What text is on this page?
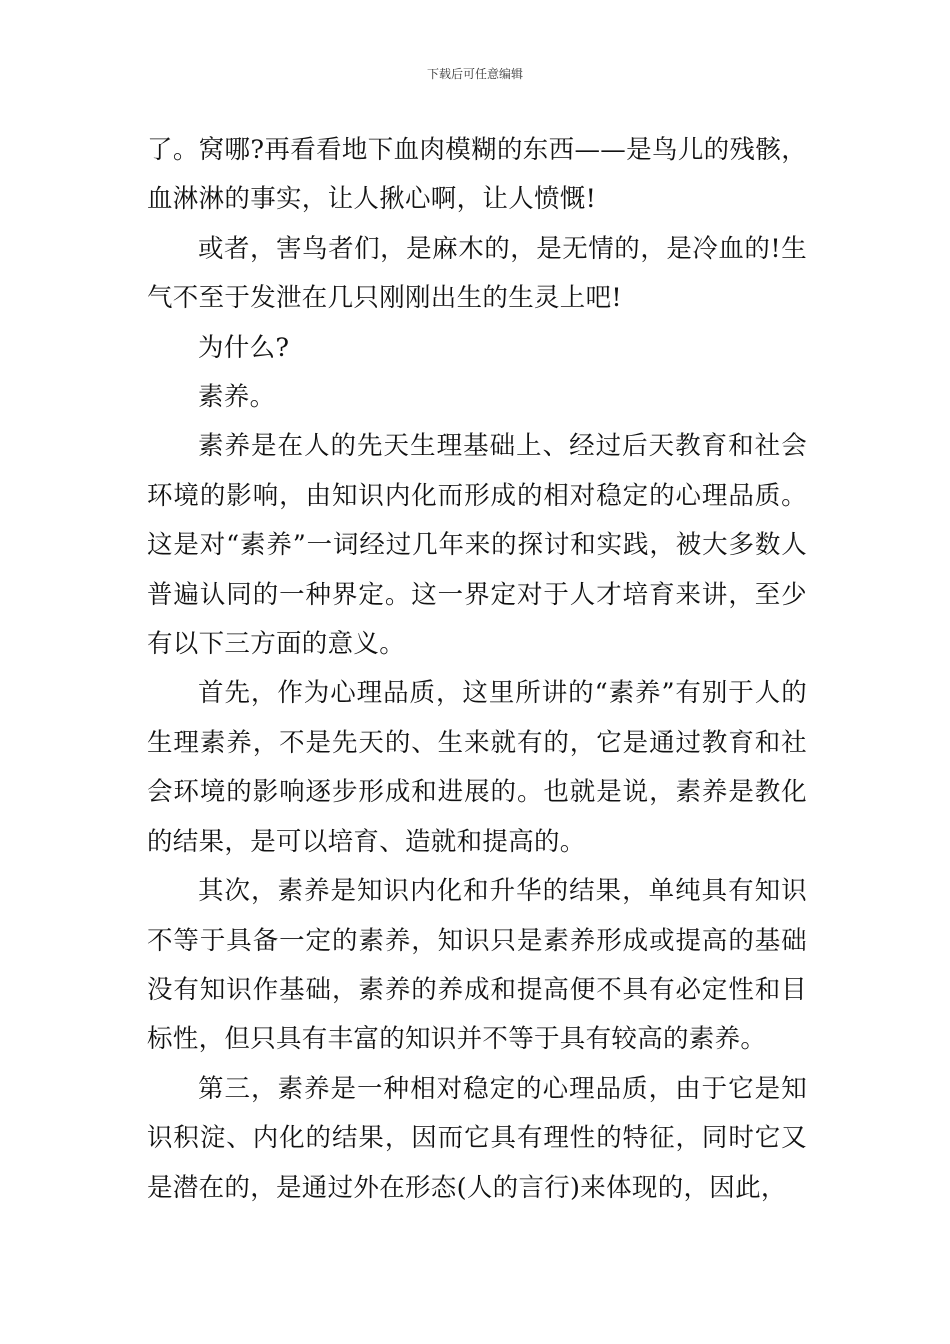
下载后可任意编辑

了。窝哪?再看看地下血肉模糊的东西——是鸟儿的残骸，血淋淋的事实，让人揪心啊，让人愤慨!

或者，害鸟者们，是麻木的，是无情的，是冷血的!生气不至于发泄在几只刚刚出生的生灵上吧!

为什么?

素养。

素养是在人的先天生理基础上、经过后天教育和社会环境的影响，由知识内化而形成的相对稳定的心理品质。这是对“素养”一词经过几年来的探讨和实践，被大多数人普遍认同的一种界定。这一界定对于人才培育来讲，至少有以下三方面的意义。

首先，作为心理品质，这里所讲的“素养”有别于人的生理素养，不是先天的、生来就有的，它是通过教育和社会环境的影响逐步形成和进展的。也就是说，素养是教化的结果，是可以培育、造就和提高的。

其次，素养是知识内化和升华的结果，单纯具有知识不等于具备一定的素养，知识只是素养形成或提高的基础没有知识作基础，素养的养成和提高便不具有必定性和目标性，但只具有丰富的知识并不等于具有较高的素养。

第三，素养是一种相对稳定的心理品质，由于它是知识积淀、内化的结果，因而它具有理性的特征，同时它又是潜在的，是通过外在形态(人的言行)来体现的，因此，
